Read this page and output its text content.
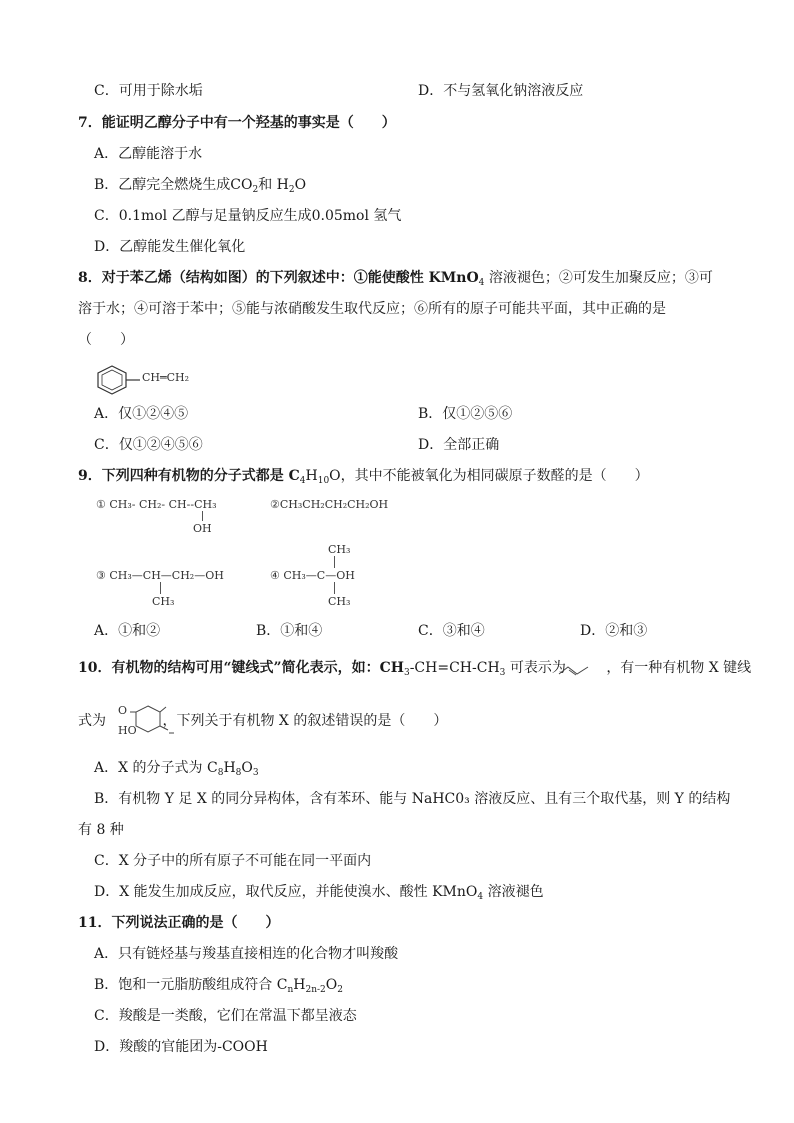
C．可用于除水垢	D．不与氢氧化钠溶液反应
7．能证明乙醇分子中有一个羟基的事实是（　　）
A．乙醇能溶于水
B．乙醇完全燃烧生成$CO_2$和 $H_2O$
C．0.1mol 乙醇与足量钠反应生成0.05mol 氢气
D．乙醇能发生催化氧化
8．对于苯乙烯（结构如图）的下列叙述中：①能使酸性 KMnO$_4$ 溶液褪色；②可发生加聚反应；③可
溶于水；④可溶于苯中；⑤能与浓硝酸发生取代反应；⑥所有的原子可能共平面，其中正确的是
（　　）
CH═CH₂
A．仅①②④⑤	B．仅①②⑤⑥
C．仅①②④⑤⑥	D．全部正确
9．下列四种有机物的分子式都是 $C_4H_{10}O$，其中不能被氧化为相同碳原子数醛的是（　　）
① CH₃- CH₂- CH--CH₃
OH
②CH₃CH₂CH₂CH₂OH
③ CH₃—CH—CH₂—OH
CH₃
CH₃
④ CH₃—C—OH
CH₃
A．①和②	B．①和④	C．③和④	D．②和③
10．有机物的结构可用“键线式”简化表示，如：$CH_3-CH=CH-CH_3$ 可表示为	，有一种有机物 X 键线
式为	，下列关于有机物 X 的叙述错误的是（　　）
O
HO
A．X 的分子式为 $C_8H_8O_3$
B．有机物 Y 足 X 的同分异构体，含有苯环、能与 NaHC0₃ 溶液反应、且有三个取代基，则 Y 的结构
有 8 种
C．X 分子中的所有原子不可能在同一平面内
D．X 能发生加成反应，取代反应，并能使溴水、酸性 KMnO$_4$ 溶液褪色
11．下列说法正确的是（　　）
A．只有链烃基与羧基直接相连的化合物才叫羧酸
B．饱和一元脂肪酸组成符合 $C_nH_{2n-2}O_2$
C．羧酸是一类酸，它们在常温下都呈液态
D．羧酸的官能团为-COOH
